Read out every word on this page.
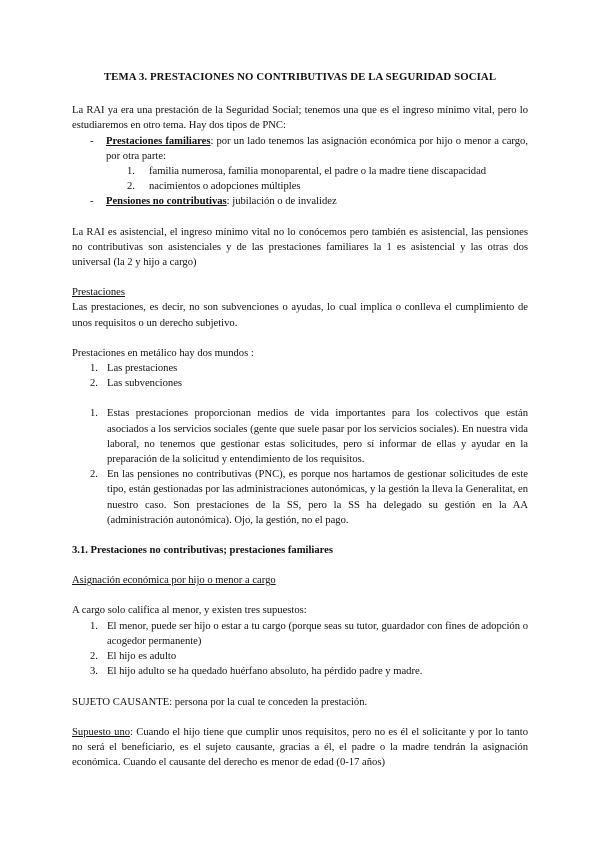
TEMA 3. PRESTACIONES NO CONTRIBUTIVAS DE LA SEGURIDAD SOCIAL

La RAI ya era una prestación de la Seguridad Social; tenemos una que es el ingreso mínimo vital, pero lo estudiaremos en otro tema. Hay dos tipos de PNC:

- Prestaciones familiares: por un lado tenemos las asignación económica por hijo o menor a cargo, por otra parte:
1. familia numerosa, familia monoparental, el padre o la madre tiene discapacidad
2. nacimientos o adopciones múltiples
- Pensiones no contributivas: jubilación o de invalidez

La RAI es asistencial, el ingreso mínimo vital no lo conócemos pero también es asistencial, las pensiones no contributivas son asistenciales y de las prestaciones familiares la 1 es asistencial y las otras dos universal (la 2 y hijo a cargo)

Prestaciones

Las prestaciones, es decir, no son subvenciones o ayudas, lo cual implica o conlleva el cumplimiento de unos requisitos o un derecho subjetivo.

Prestaciones en metálico hay dos mundos :

1. Las prestaciones
2. Las subvenciones
1. Estas prestaciones proporcionan medios de vida importantes para los colectivos que están asociados a los servicios sociales (gente que suele pasar por los servicios sociales). En nuestra vida laboral, no tenemos que gestionar estas solicitudes, pero sí informar de ellas y ayudar en la preparación de la solicitud y entendimiento de los requisitos.
2. En las pensiones no contributivas (PNC), es porque nos hartamos de gestionar solicitudes de este tipo, están gestionadas por las administraciones autonómicas, y la gestión la lleva la Generalitat, en nuestro caso. Son prestaciones de la SS, pero la SS ha delegado su gestión en la AA (administración autonómica). Ojo, la gestión, no el pago.

3.1. Prestaciones no contributivas; prestaciones familiares

Asignación económica por hijo o menor a cargo

A cargo solo califica al menor, y existen tres supuestos:

1. El menor, puede ser hijo o estar a tu cargo (porque seas su tutor, guardador con fines de adopción o acogedor permanente)
2. El hijo es adulto
3. El hijo adulto se ha quedado huérfano absoluto, ha pérdido padre y madre.

SUJETO CAUSANTE: persona por la cual te conceden la prestación.

Supuesto uno: Cuando el hijo tiene que cumplir unos requisitos, pero no es él el solicitante y por lo tanto no será el beneficiario, es el sujeto causante, gracias a él, el padre o la madre tendrán la asignación económica. Cuando el causante del derecho es menor de edad (0-17 años)
